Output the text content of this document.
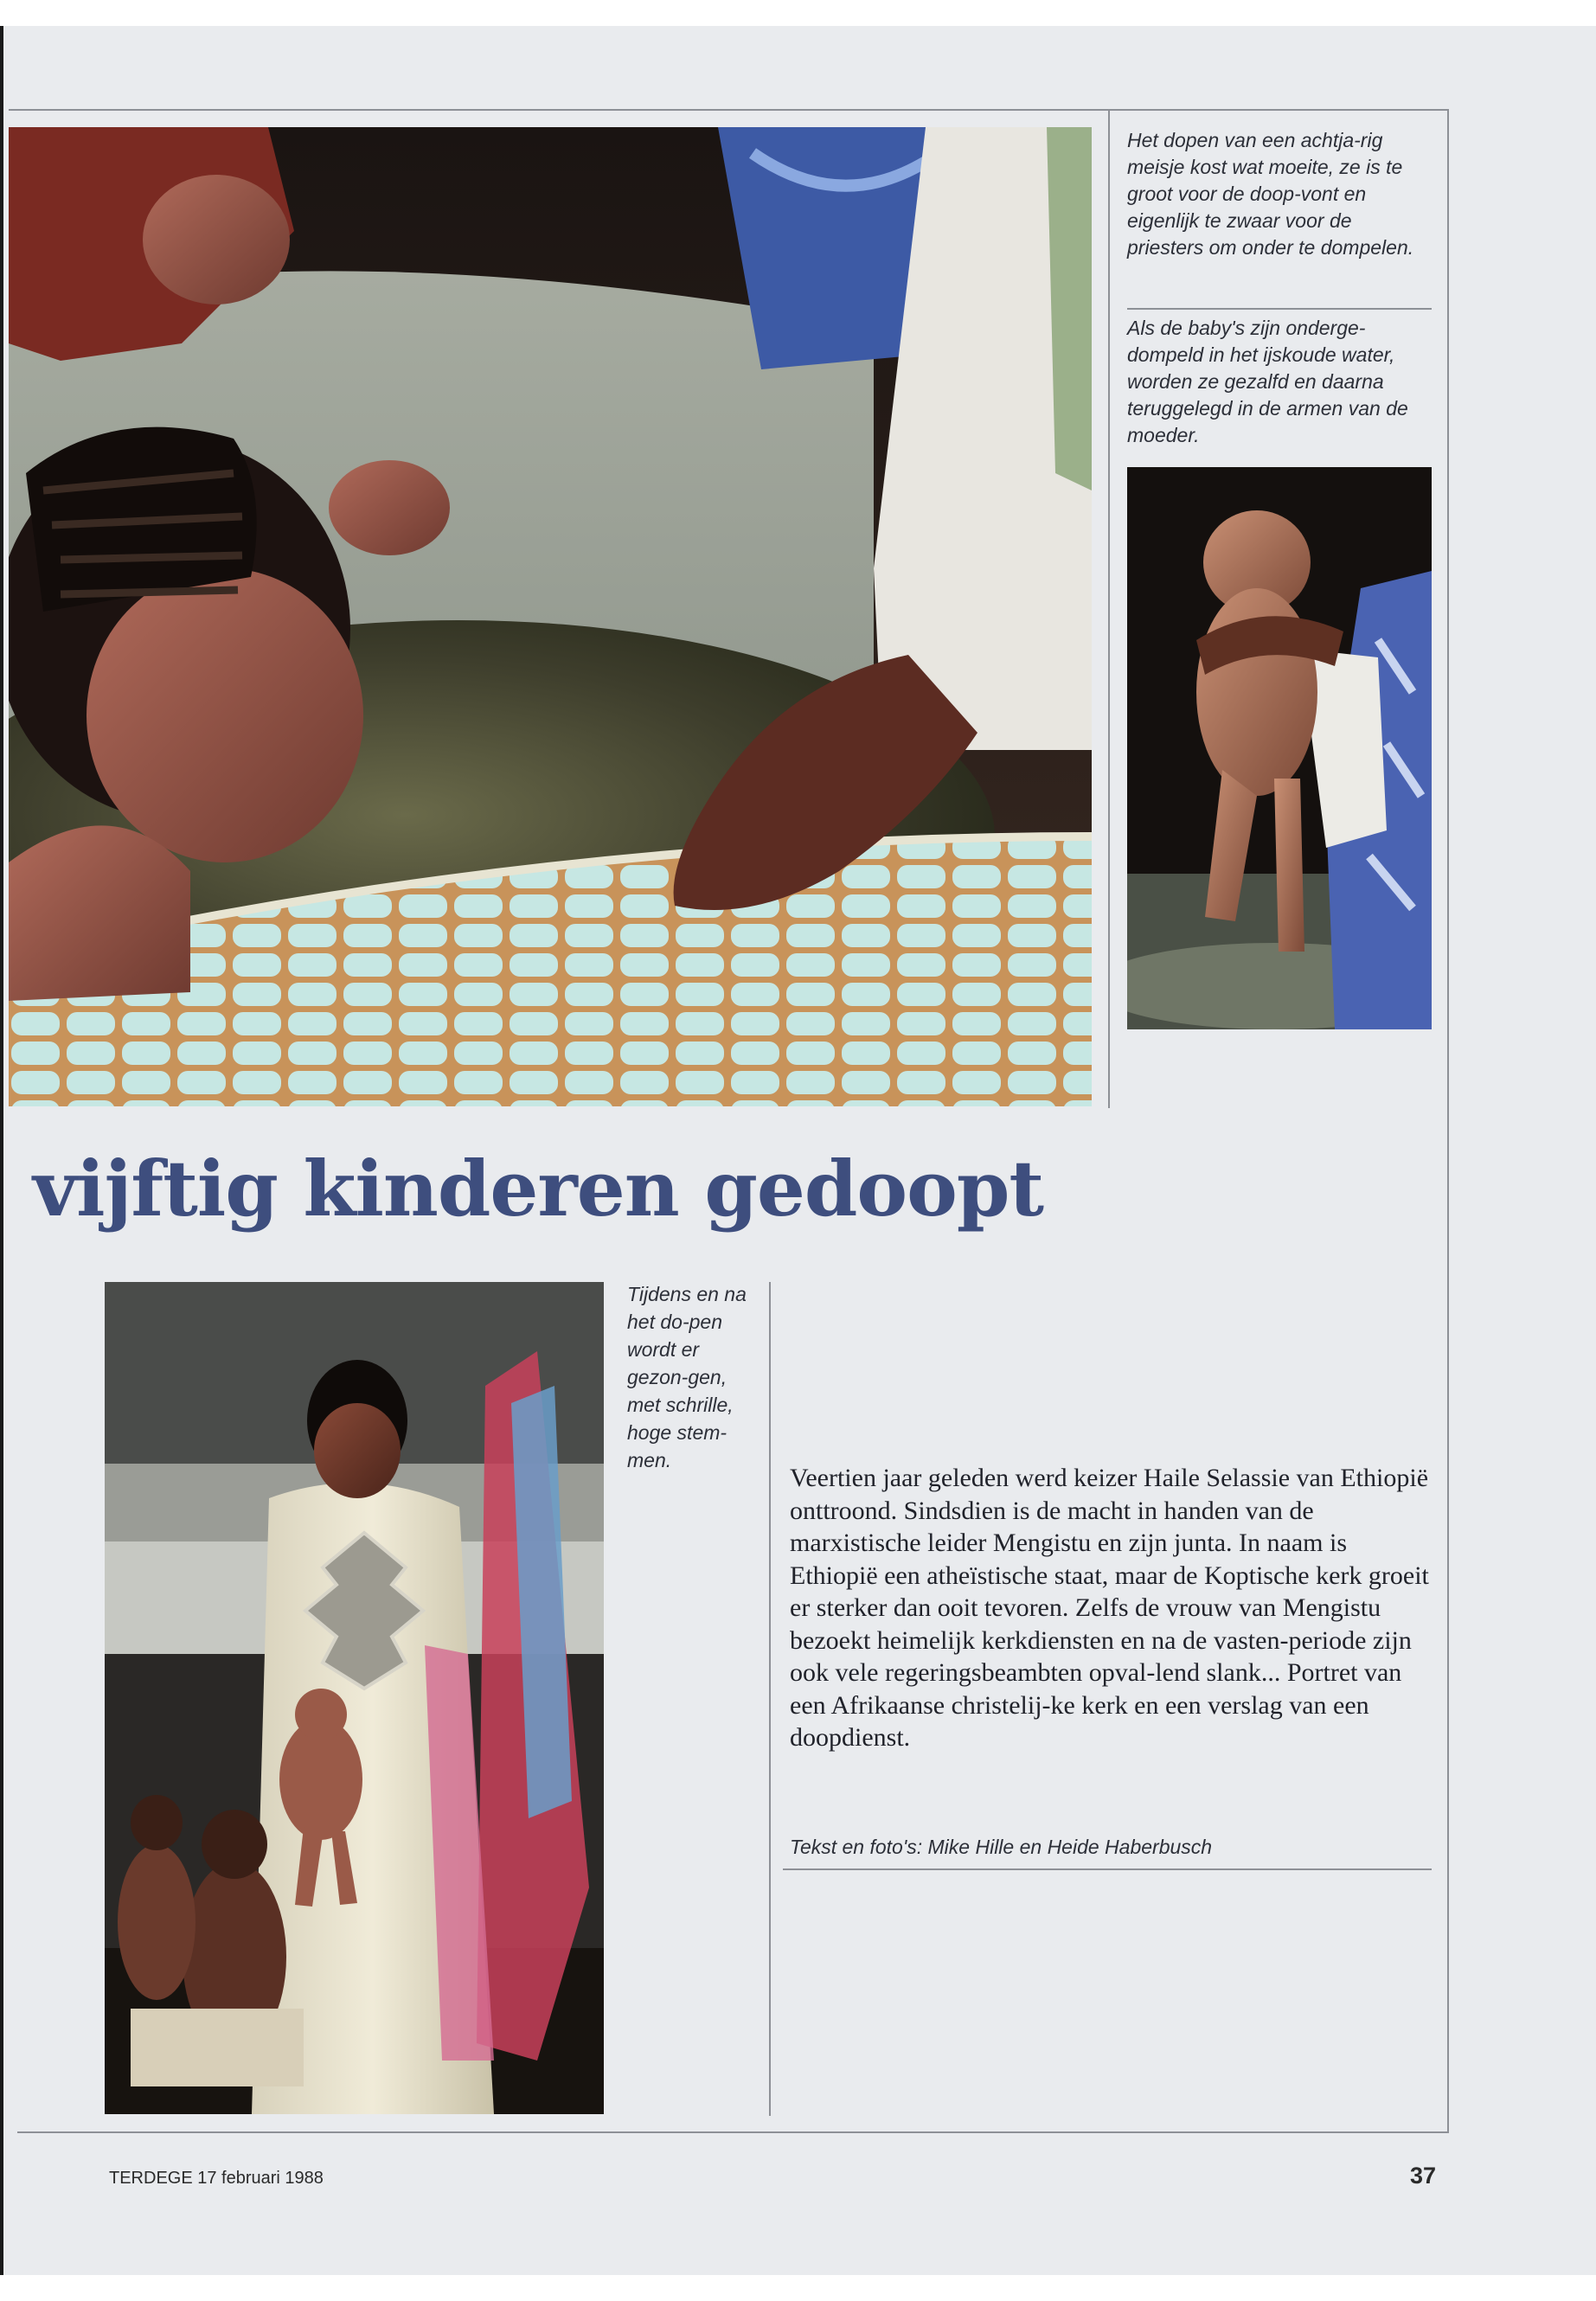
Het dopen van een achtja-rig meisje kost wat moeite, ze is te groot voor de doop-vont en eigenlijk te zwaar voor de priesters om onder te dompelen.

Als de baby's zijn onderge-dompeld in het ijskoude water, worden ze gezalfd en daarna teruggelegd in de armen van de moeder.

Tijdens en na het do-pen wordt er gezon-gen, met schrille, hoge stem-men.

vijftig kinderen gedoopt

Veertien jaar geleden werd keizer Haile Selassie van Ethiopië onttroond. Sindsdien is de macht in handen van de marxistische leider Mengistu en zijn junta. In naam is Ethiopië een atheïstische staat, maar de Koptische kerk groeit er sterker dan ooit tevoren. Zelfs de vrouw van Mengistu bezoekt heimelijk kerkdiensten en na de vasten-periode zijn ook vele regeringsbeambten opval-lend slank... Portret van een Afrikaanse christelij-ke kerk en een verslag van een doopdienst.

Tekst en foto's: Mike Hille en Heide Haberbusch

TERDEGE 17 februari 1988	37
